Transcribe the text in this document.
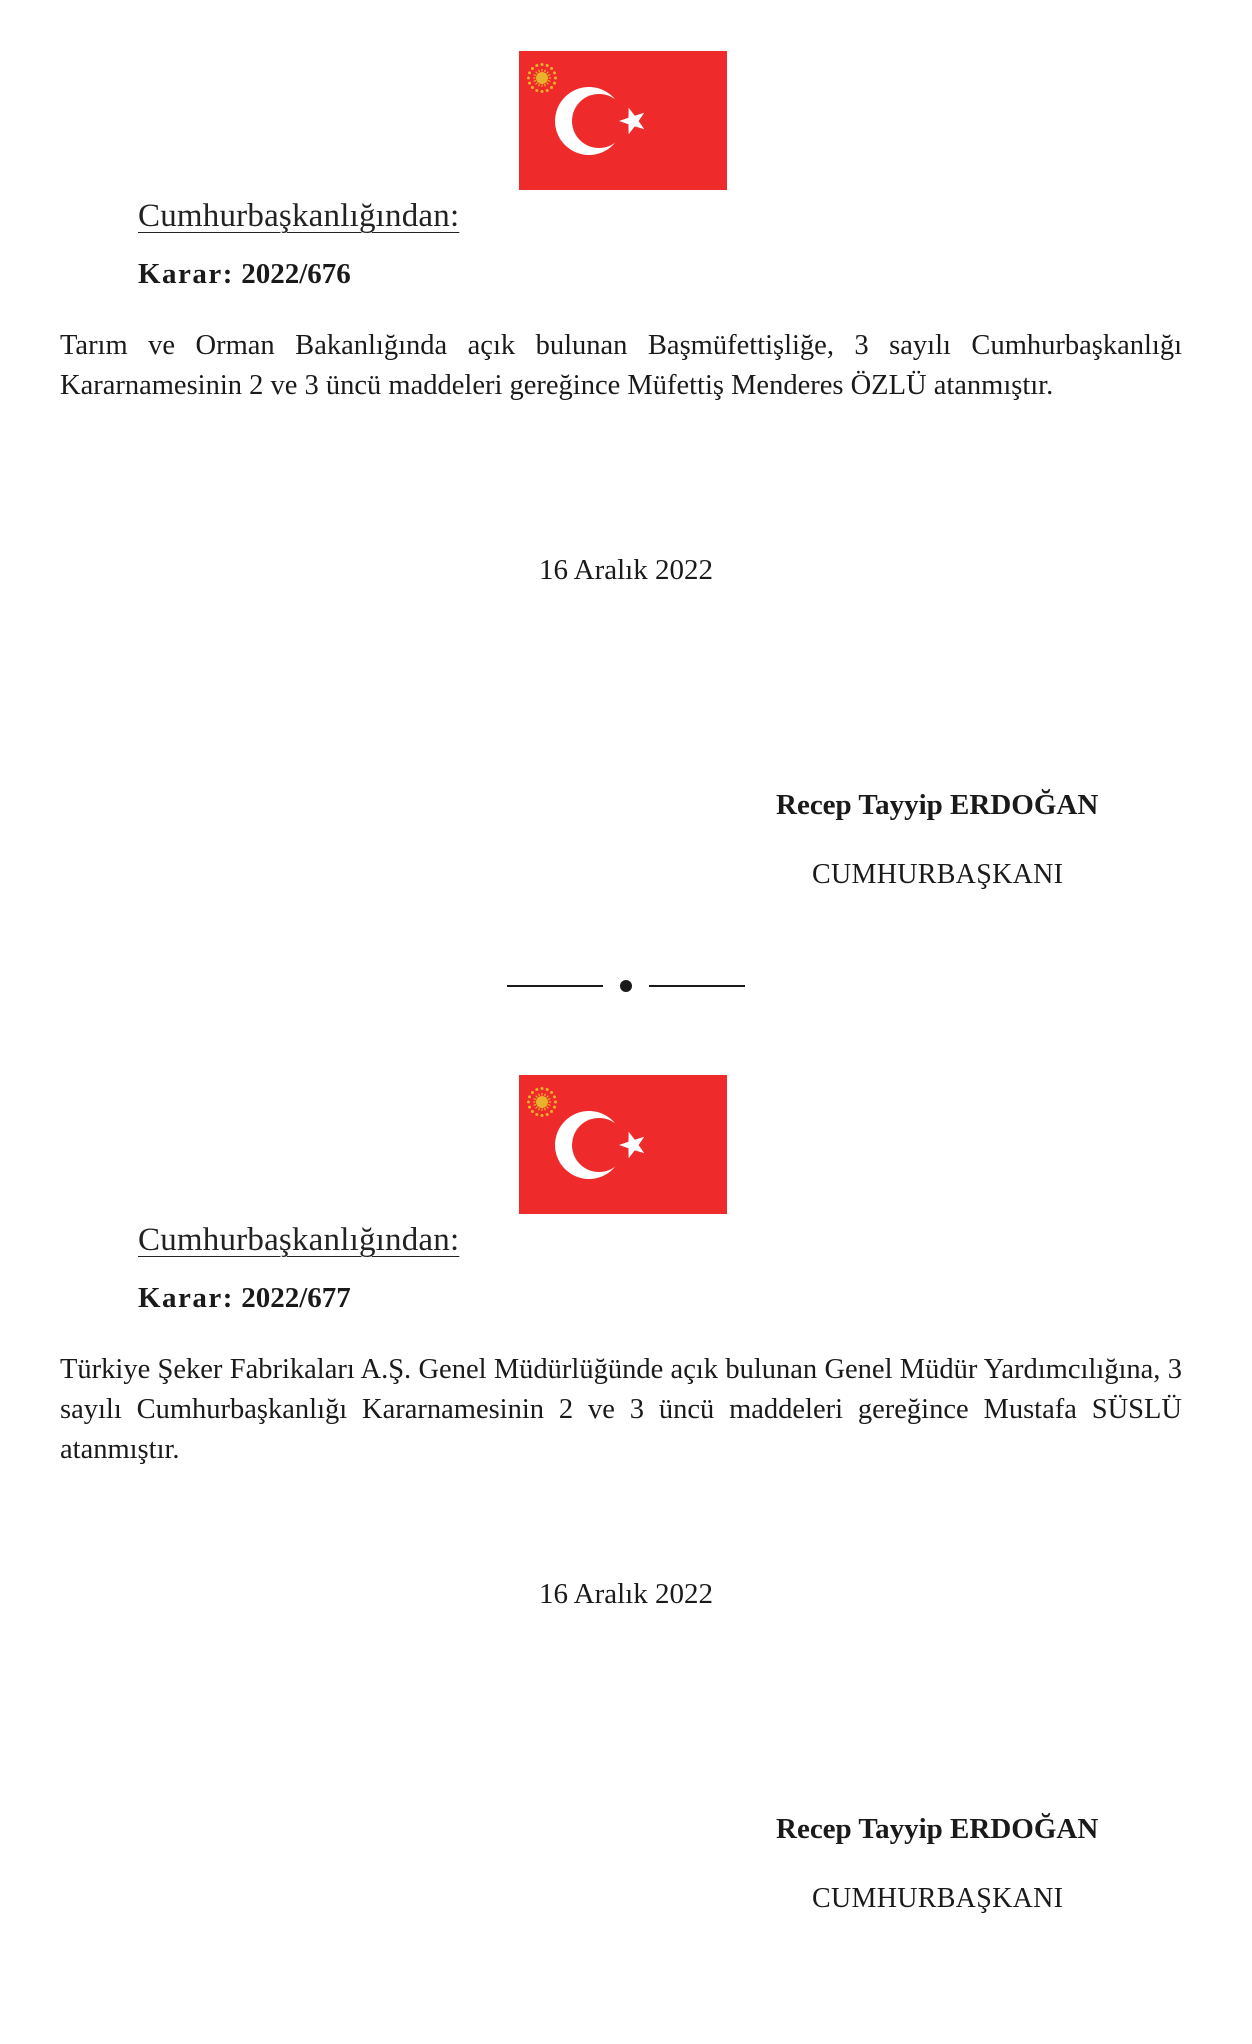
Cumhurbaşkanlığından:
Karar: 2022/676

Tarım ve Orman Bakanlığında açık bulunan Başmüfettişliğe, 3 sayılı Cumhurbaşkanlığı Kararnamesinin 2 ve 3 üncü maddeleri gereğince Müfettiş Menderes ÖZLÜ atanmıştır.

16 Aralık 2022
Recep Tayyip ERDOĞAN
CUMHURBAŞKANI
Cumhurbaşkanlığından:
Karar: 2022/677

Türkiye Şeker Fabrikaları A.Ş. Genel Müdürlüğünde açık bulunan Genel Müdür Yardımcılığına, 3 sayılı Cumhurbaşkanlığı Kararnamesinin 2 ve 3 üncü maddeleri gereğince Mustafa SÜSLÜ atanmıştır.

16 Aralık 2022
Recep Tayyip ERDOĞAN
CUMHURBAŞKANI
